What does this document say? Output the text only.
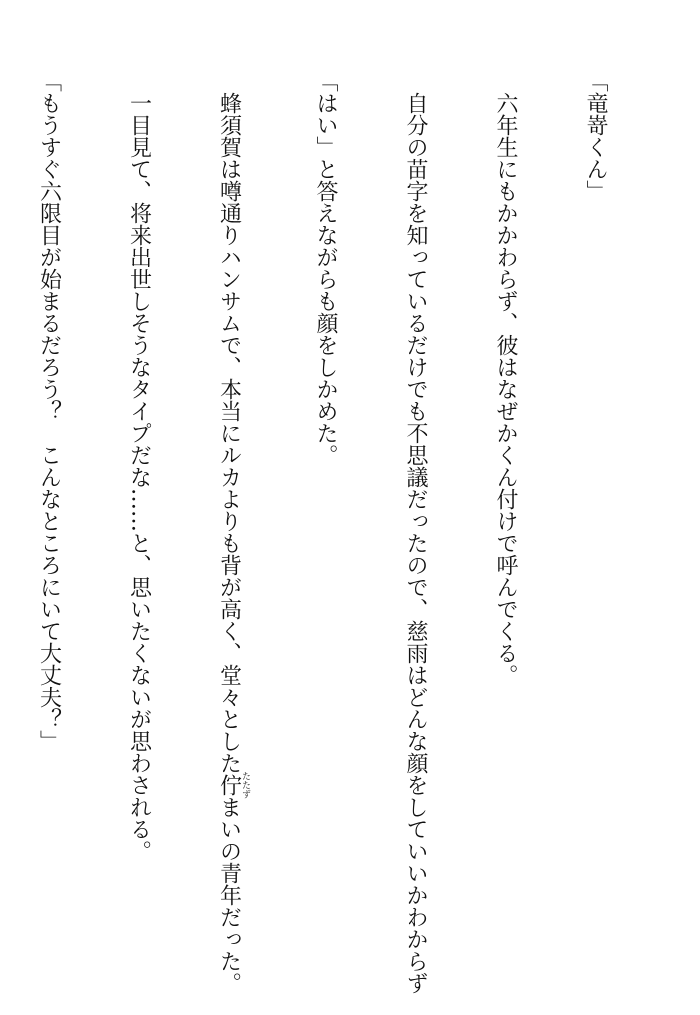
「竜嵜くん」

　六年生にもかかわらず、彼はなぜかくん付けで呼んでくる。

　自分の苗字を知っているだけでも不思議だったので、慈雨はどんな顔をしていいかわからず

「はい」と答えながらも顔をしかめた。

　蜂須賀は噂通りハンサムで、本当にルカよりも背が高く、堂々とした佇たたずまいの青年だった。

　一目見て、将来出世しそうなタイプだな……と、思いたくないが思わされる。

「もうすぐ六限目が始まるだろう？　こんなところにいて大丈夫？」
